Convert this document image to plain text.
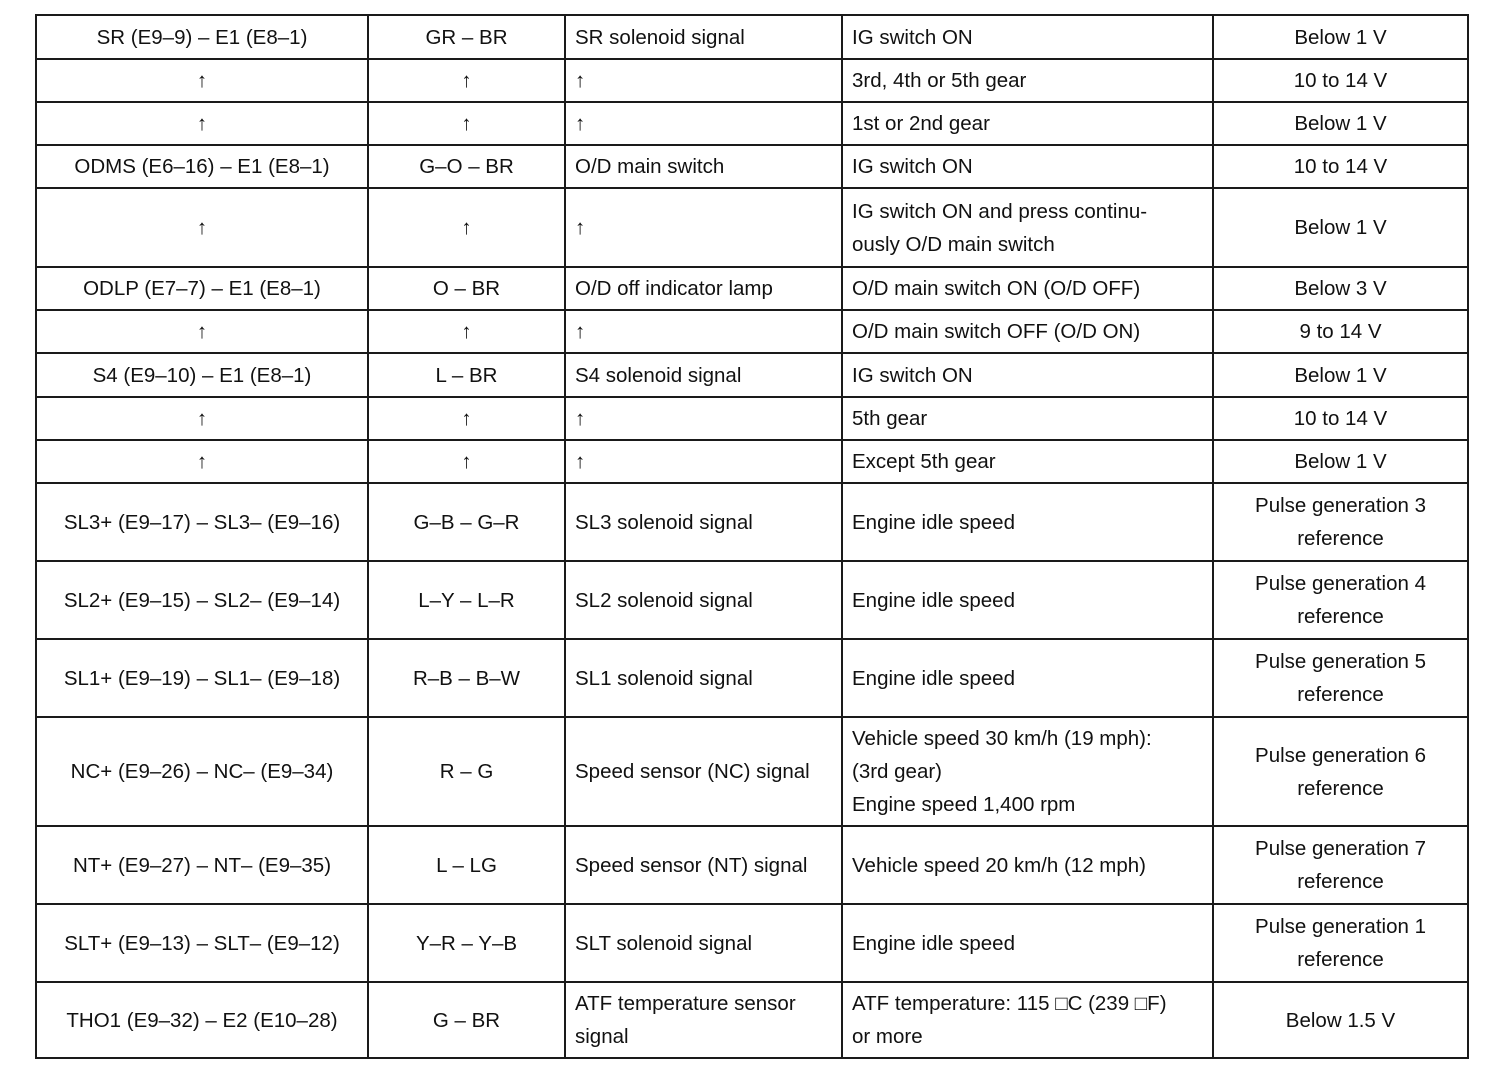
SR (E9–9) – E1 (E8–1)	GR – BR	SR solenoid signal	IG switch ON	Below 1 V
↑	↑	↑	3rd, 4th or 5th gear	10 to 14 V
↑	↑	↑	1st or 2nd gear	Below 1 V
ODMS (E6–16) – E1 (E8–1)	G–O – BR	O/D main switch	IG switch ON	10 to 14 V
↑	↑	↑	IG switch ON and press continu-
ously O/D main switch	Below 1 V
ODLP (E7–7) – E1 (E8–1)	O – BR	O/D off indicator lamp	O/D main switch ON (O/D OFF)	Below 3 V
↑	↑	↑	O/D main switch OFF (O/D ON)	9 to 14 V
S4 (E9–10) – E1 (E8–1)	L – BR	S4 solenoid signal	IG switch ON	Below 1 V
↑	↑	↑	5th gear	10 to 14 V
↑	↑	↑	Except 5th gear	Below 1 V
SL3+ (E9–17) – SL3– (E9–16)	G–B – G–R	SL3 solenoid signal	Engine idle speed	Pulse generation 3
reference
SL2+ (E9–15) – SL2– (E9–14)	L–Y – L–R	SL2 solenoid signal	Engine idle speed	Pulse generation 4
reference
SL1+ (E9–19) – SL1– (E9–18)	R–B – B–W	SL1 solenoid signal	Engine idle speed	Pulse generation 5
reference
NC+ (E9–26) – NC– (E9–34)	R – G	Speed sensor (NC) signal	Vehicle speed 30 km/h (19 mph):
(3rd gear)
Engine speed 1,400 rpm	Pulse generation 6
reference
NT+ (E9–27) – NT– (E9–35)	L – LG	Speed sensor (NT) signal	Vehicle speed 20 km/h (12 mph)	Pulse generation 7
reference
SLT+ (E9–13) – SLT– (E9–12)	Y–R – Y–B	SLT solenoid signal	Engine idle speed	Pulse generation 1
reference
THO1 (E9–32) – E2 (E10–28)	G – BR	ATF temperature sensor
signal	ATF temperature: 115 □C (239 □F)
or more	Below 1.5 V
